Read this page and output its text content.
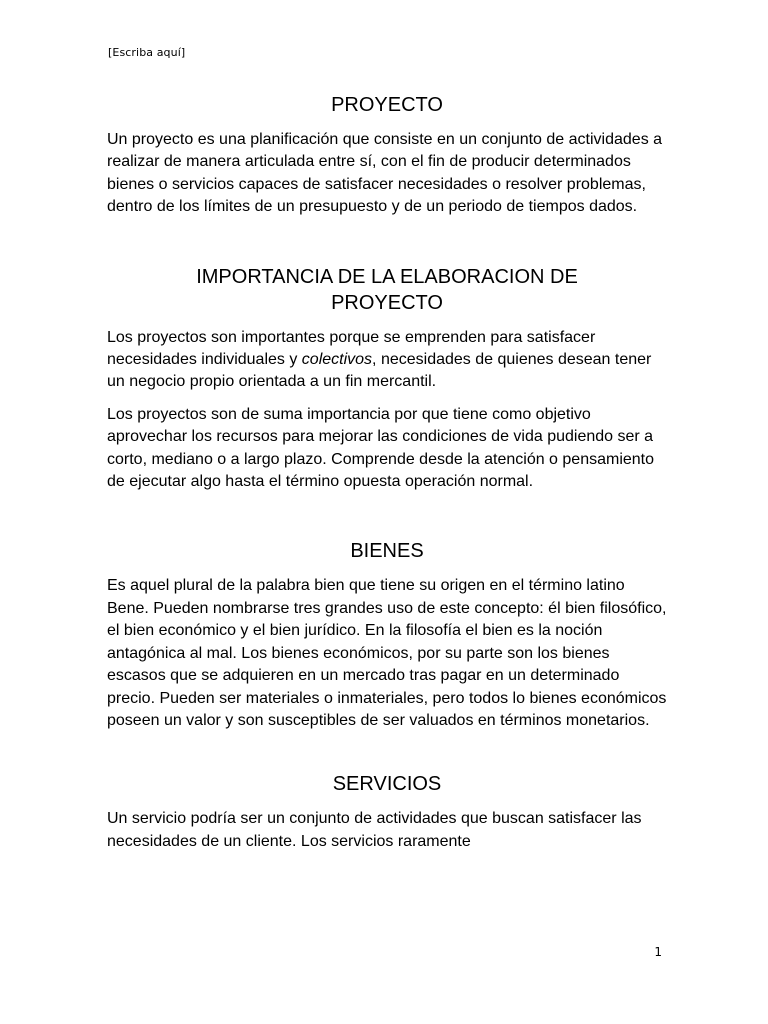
[Escriba aquí]
PROYECTO

Un proyecto es una planificación que consiste en un conjunto de actividades a realizar de manera articulada entre sí, con el fin de producir determinados bienes o servicios capaces de satisfacer necesidades o resolver problemas, dentro de los límites de un presupuesto y de un periodo de tiempos dados.

IMPORTANCIA DE LA ELABORACION DE
PROYECTO

Los proyectos son importantes porque se emprenden para satisfacer necesidades individuales y colectivos, necesidades de quienes desean tener un negocio propio orientada a un fin mercantil.

Los proyectos son de suma importancia por que tiene como objetivo aprovechar los recursos para mejorar las condiciones de vida pudiendo ser a corto, mediano o a largo plazo. Comprende desde la atención o pensamiento de ejecutar algo hasta el término opuesta operación normal.

BIENES

Es aquel plural de la palabra bien que tiene su origen en el término latino Bene. Pueden nombrarse tres grandes uso de este concepto: él bien filosófico, el bien económico y el bien jurídico. En la filosofía el bien es la noción antagónica al mal. Los bienes económicos, por su parte son los bienes escasos que se adquieren en un mercado tras pagar en un determinado precio. Pueden ser materiales o inmateriales, pero todos lo bienes económicos poseen un valor y son susceptibles de ser valuados en términos monetarios.

SERVICIOS

Un servicio podría ser un conjunto de actividades que buscan satisfacer las necesidades de un cliente. Los servicios raramente

1
